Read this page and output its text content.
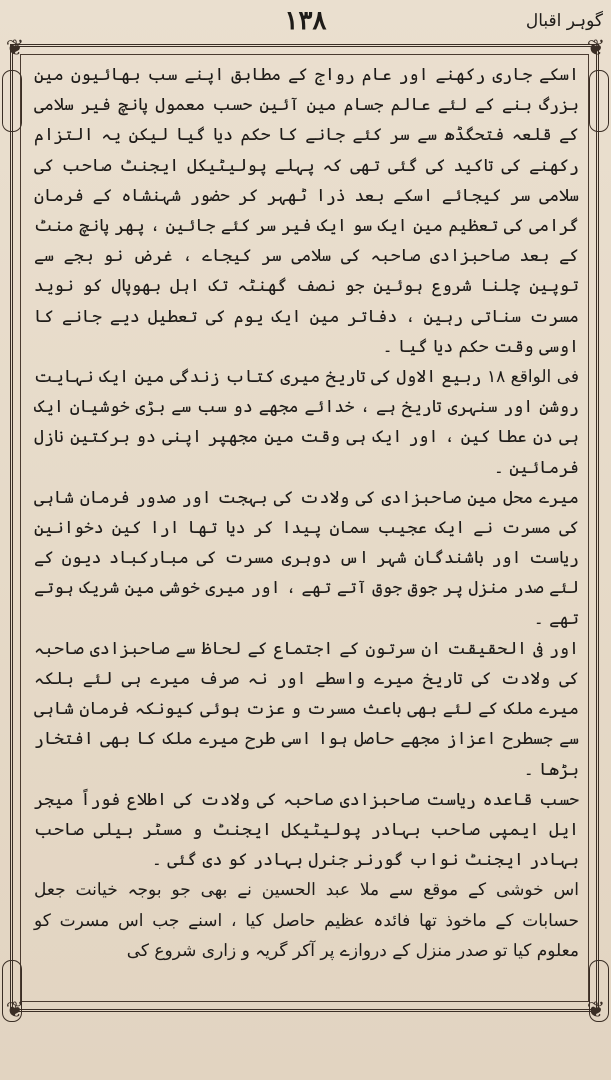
۱۳۸	گوہر اقبال
❦	❦
❦	❦

اسکے جاری رکھنے اور عام رواج کے مطابق اپنے سب بھائیون مین بزرگ بنے کے لئے عالم جسام مین آئین حسب معمول پانچ فیر سلامی کے قلعہ فتحگڈھ سے سر کئے جانے کا حکم دیا گیا لیکن یہ التزام رکھنے کی تاکید کی گئی تھی کہ پہلے پولیٹیکل ایجنٹ صاحب کی سلامی سر کیجائے اسکے بعد ذرا ٹھہر کر حضور شہنشاہ کے فرمان گرامی کی تعظیم مین ایک سو ایک فیر سر کئے جائین ، پھر پانچ منٹ کے بعد صاحبزادی صاحبہ کی سلامی سر کیجاے ، غرض نو بجے سے توپین چلنا شروع ہوئین جو نصف گھنٹہ تک اہل بھوپال کو نوید مسرت سناتی رہین ، دفاتر مین ایک یوم کی تعطیل دیے جانے کا اوسی وقت حکم دیا گیا ۔

فی الواقع ۱۸ ربیع الاول کی تاریخ میری کتاب زندگی مین ایک نہایت روشن اور سنہری تاریخ ہے ، خدائے مجھے دو سب سے بڑی خوشیان ایک ہی دن عطا کین ، اور ایک ہی وقت مین مجھپر اپنی دو برکتین نازل فرمائین ۔

میرے محل مین صاحبزادی کی ولادت کی بہجت اور صدور فرمان شاہی کی مسرت نے ایک عجیب سمان پیدا کر دیا تھا ارا کین دخوانین ریاست اور باشندگان شہر اس دوہری مسرت کی مبارکباد دیون کے لئے صدر منزل پر جوق جوق آتے تھے ، اور میری خوشی مین شریک ہوتے تھے ۔

اور فی الحقیقت ان سرتون کے اجتماع کے لحاظ سے صاحبزادی صاحبہ کی ولادت کی تاریخ میرے واسطے اور نہ صرف میرے ہی لئے بلکہ میرے ملک کے لئے بھی باعث مسرت و عزت ہوئی کیونکہ فرمان شاہی سے جسطرح اعزاز مجھے حاصل ہوا اسی طرح میرے ملک کا بھی افتخار بڑھا ۔

حسب قاعدہ ریاست صاحبزادی صاحبہ کی ولادت کی اطلاع فوراً میجر ایل ایمپی صاحب بہادر پولیٹیکل ایجنٹ و مسٹر بیلی صاحب بہادر ایجنٹ نواب گورنر جنرل بہادر کو دی گئی ۔

اس خوشی کے موقع سے ملا عبد الحسین نے بھی جو بوجہ خیانت جعل حسابات کے ماخوذ تھا فائدہ عظیم حاصل کیا ، اسنے جب اس مسرت کو معلوم کیا تو صدر منزل کے دروازے پر آکر گریہ و زاری شروع کی
